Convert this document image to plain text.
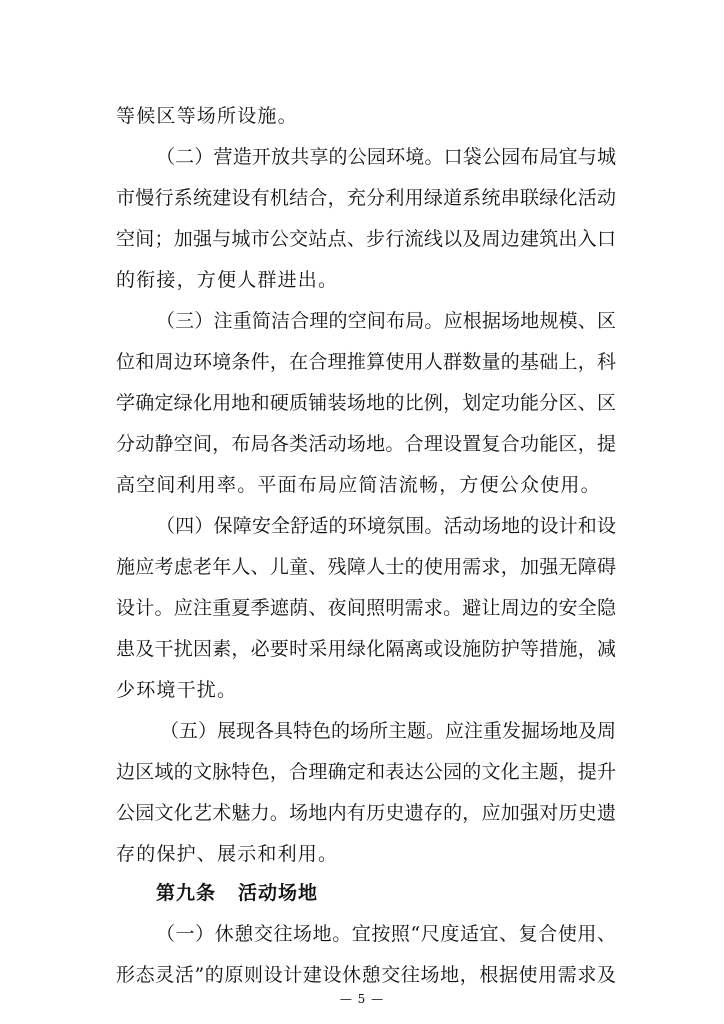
等候区等场所设施。
（二）营造开放共享的公园环境。口袋公园布局宜与城
市慢行系统建设有机结合，充分利用绿道系统串联绿化活动
空间；加强与城市公交站点、步行流线以及周边建筑出入口
的衔接，方便人群进出。
（三）注重简洁合理的空间布局。应根据场地规模、区
位和周边环境条件，在合理推算使用人群数量的基础上，科
学确定绿化用地和硬质铺装场地的比例，划定功能分区、区
分动静空间，布局各类活动场地。合理设置复合功能区，提
高空间利用率。平面布局应简洁流畅，方便公众使用。
（四）保障安全舒适的环境氛围。活动场地的设计和设
施应考虑老年人、儿童、残障人士的使用需求，加强无障碍
设计。应注重夏季遮荫、夜间照明需求。避让周边的安全隐
患及干扰因素，必要时采用绿化隔离或设施防护等措施，减
少环境干扰。
（五）展现各具特色的场所主题。应注重发掘场地及周
边区域的文脉特色，合理确定和表达公园的文化主题，提升
公园文化艺术魅力。场地内有历史遗存的，应加强对历史遗
存的保护、展示和利用。
第九条 活动场地
（一）休憩交往场地。宜按照“尺度适宜、复合使用、
形态灵活”的原则设计建设休憩交往场地，根据使用需求及
— 5 —
